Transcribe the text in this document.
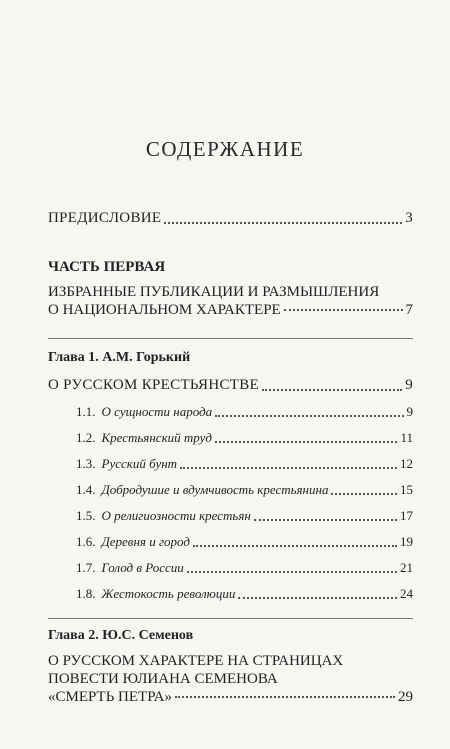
СОДЕРЖАНИЕ
ПРЕДИСЛОВИЕ	3
ЧАСТЬ ПЕРВАЯ
ИЗБРАННЫЕ ПУБЛИКАЦИИ И РАЗМЫШЛЕНИЯ
О НАЦИОНАЛЬНОМ ХАРАКТЕРЕ	7
Глава 1. А.М. Горький
О РУССКОМ КРЕСТЬЯНСТВЕ	9
1.1. О сущности народа	9
1.2. Крестьянский труд	11
1.3. Русский бунт	12
1.4. Добродушие и вдумчивость крестьянина	15
1.5. О религиозности крестьян	17
1.6. Деревня и город	19
1.7. Голод в России	21
1.8. Жестокость революции	24
Глава 2. Ю.С. Семенов
О РУССКОМ ХАРАКТЕРЕ НА СТРАНИЦАХ
ПОВЕСТИ ЮЛИАНА СЕМЕНОВА
«СМЕРТЬ ПЕТРА»	29
